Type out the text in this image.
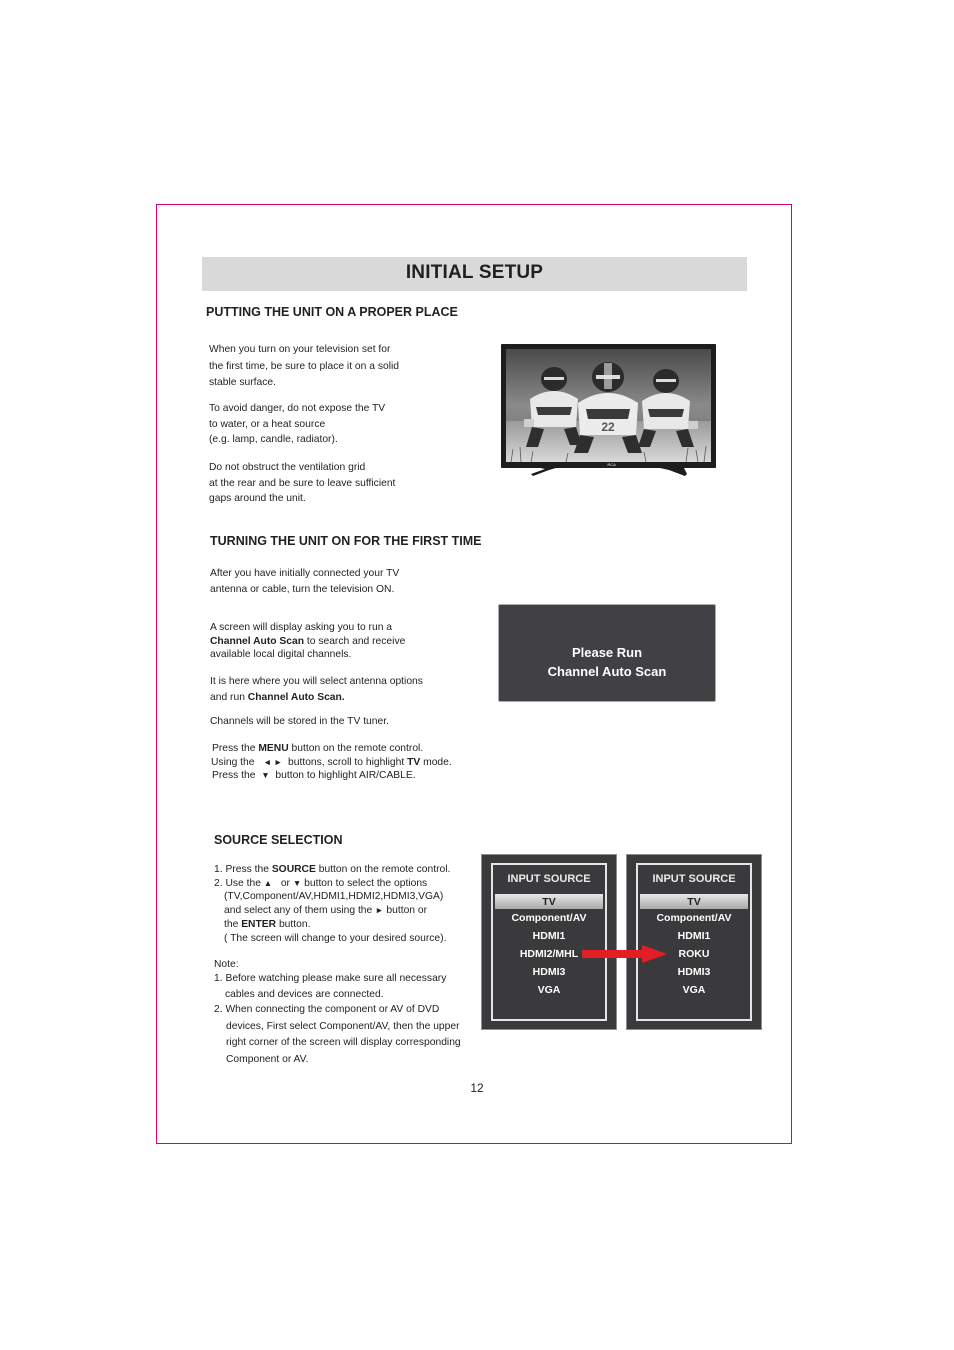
INITIAL SETUP
PUTTING THE UNIT ON A PROPER PLACE
When you turn on your television set for
the first time, be sure to place it on a solid
stable surface.
To avoid danger, do not expose the TV
to water, or a heat source
(e.g. lamp, candle, radiator).
Do not obstruct the ventilation grid
at the rear and be sure to leave sufficient
gaps around the unit.
22
RCA
TURNING THE UNIT ON FOR THE FIRST TIME
After you have initially connected your TV
antenna or cable, turn the television ON.
A screen will display asking you to run a
Channel Auto Scan to search and receive
available local digital channels.
It is here where you will select antenna options
and run Channel Auto Scan.
Channels will be stored in the TV tuner.
Press the MENU button on the remote control.
Using the   ◄ ►  buttons, scroll to highlight TV mode.
Press the  ▼  button to highlight AIR/CABLE.
Please Run
Channel Auto Scan
SOURCE SELECTION
1. Press the SOURCE button on the remote control.
2. Use the ▲   or ▼ button to select the options
(TV,Component/AV,HDMI1,HDMI2,HDMI3,VGA)
and select any of them using the ► button or
the ENTER button.
( The screen will change to your desired source).
Note:
1. Before watching please make sure all necessary
cables and devices are connected.
2. When connecting the component or AV of DVD
devices, First select Component/AV, then the upper
right corner of the screen will display corresponding
Component or AV.
INPUT SOURCE
TV
Component/AV
HDMI1
HDMI2/MHL
HDMI3
VGA
INPUT SOURCE
TV
Component/AV
HDMI1
ROKU
HDMI3
VGA
12
